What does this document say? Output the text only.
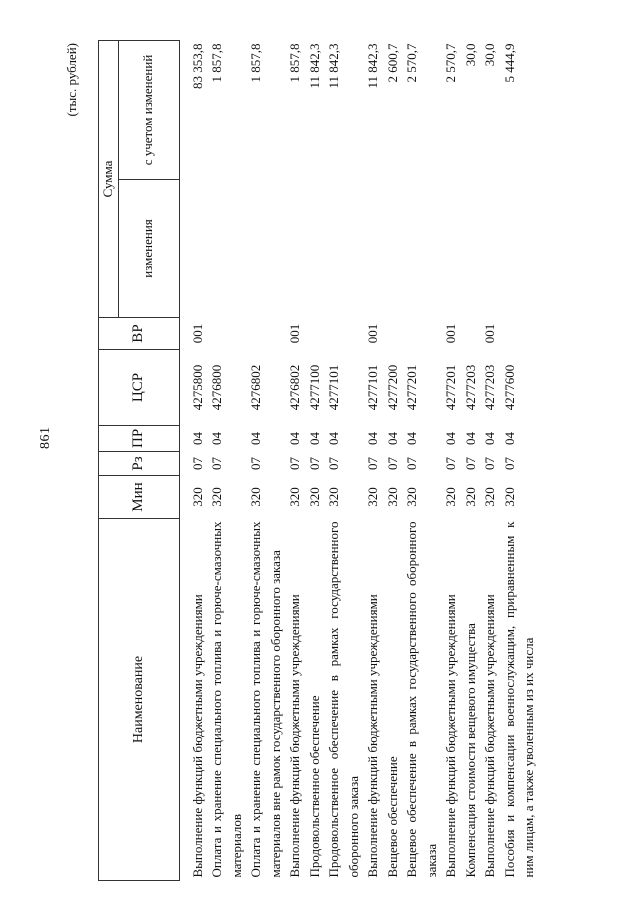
861
(тыс. рублей)
Наименование	Мин	Рз	ПР	ЦСР	ВР	Сумма	
						изменения	с учетом изменений
Выполнение функций бюджетными учреждениями	320	07	04	4275800	001		83 353,8
Оплата и хранение специального топлива и горюче-смазочных материалов	320	07	04	4276800			1 857,8
Оплата и хранение специального топлива и горюче-смазочных материалов вне рамок государственного оборонного заказа	320	07	04	4276802			1 857,8
Выполнение функций бюджетными учреждениями	320	07	04	4276802	001		1 857,8
Продовольственное обеспечение	320	07	04	4277100			11 842,3
Продовольственное обеспечение в рамках государственного оборонного заказа	320	07	04	4277101			11 842,3
Выполнение функций бюджетными учреждениями	320	07	04	4277101	001		11 842,3
Вещевое обеспечение	320	07	04	4277200			2 600,7
Вещевое обеспечение в рамках государственного оборонного заказа	320	07	04	4277201			2 570,7
Выполнение функций бюджетными учреждениями	320	07	04	4277201	001		2 570,7
Компенсация стоимости вещевого имущества	320	07	04	4277203			30,0
Выполнение функций бюджетными учреждениями	320	07	04	4277203	001		30,0
Пособия и компенсации военнослужащим, приравненным к ним лицам, а также уволенным из их числа	320	07	04	4277600			5 444,9
